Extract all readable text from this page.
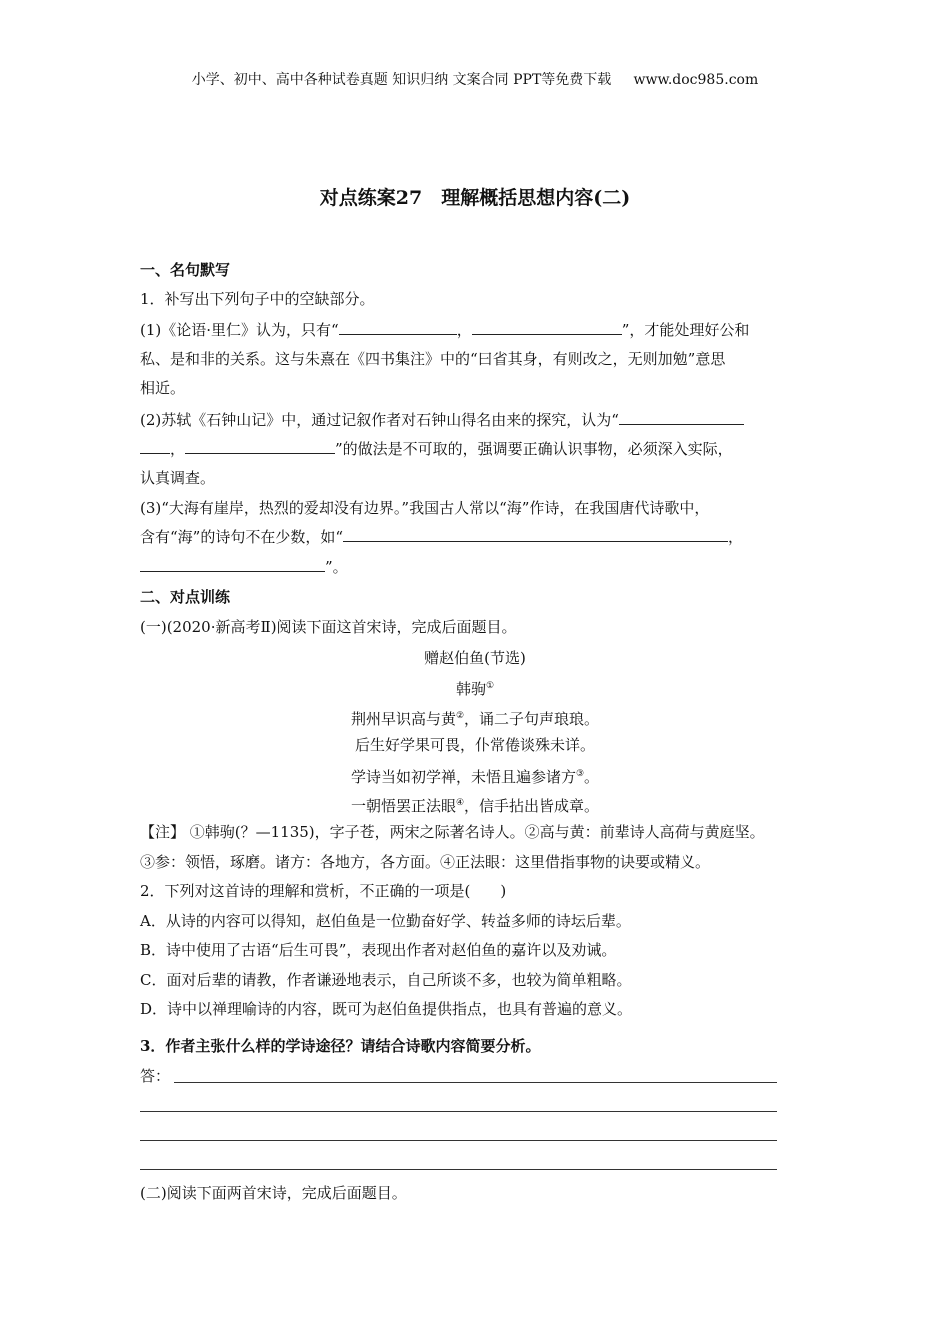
小学、初中、高中各种试卷真题 知识归纳 文案合同 PPT等免费下载 www.doc985.com
对点练案27　理解概括思想内容(二)
一、名句默写
1．补写出下列句子中的空缺部分。
(1)《论语·里仁》认为，只有“	，	”，才能处理好公和
私、是和非的关系。这与朱熹在《四书集注》中的“曰省其身，有则改之，无则加勉”意思
相近。
(2)苏轼《石钟山记》中，通过记叙作者对石钟山得名由来的探究，认为“
，	”的做法是不可取的，强调要正确认识事物，必须深入实际，
认真调查。
(3)“大海有崖岸，热烈的爱却没有边界。”我国古人常以“海”作诗，在我国唐代诗歌中，
含有“海”的诗句不在少数，如“	，
”。
二、对点训练
(一)(2020·新高考Ⅱ)阅读下面这首宋诗，完成后面题目。
赠赵伯鱼(节选)
韩驹①
荆州早识高与黄②，诵二子句声琅琅。
后生好学果可畏，仆常倦谈殊未详。
学诗当如初学禅，未悟且遍参诸方③。
一朝悟罢正法眼④，信手拈出皆成章。
【注】 ①韩驹(？—1135)，字子苍，两宋之际著名诗人。②高与黄：前辈诗人高荷与黄庭坚。
③参：领悟，琢磨。诸方：各地方，各方面。④正法眼：这里借指事物的诀要或精义。
2．下列对这首诗的理解和赏析，不正确的一项是(　　)
A．从诗的内容可以得知，赵伯鱼是一位勤奋好学、转益多师的诗坛后辈。
B．诗中使用了古语“后生可畏”，表现出作者对赵伯鱼的嘉许以及劝诫。
C．面对后辈的请教，作者谦逊地表示，自己所谈不多，也较为简单粗略。
D．诗中以禅理喻诗的内容，既可为赵伯鱼提供指点，也具有普遍的意义。
3．作者主张什么样的学诗途径？请结合诗歌内容简要分析。
答：
(二)阅读下面两首宋诗，完成后面题目。
